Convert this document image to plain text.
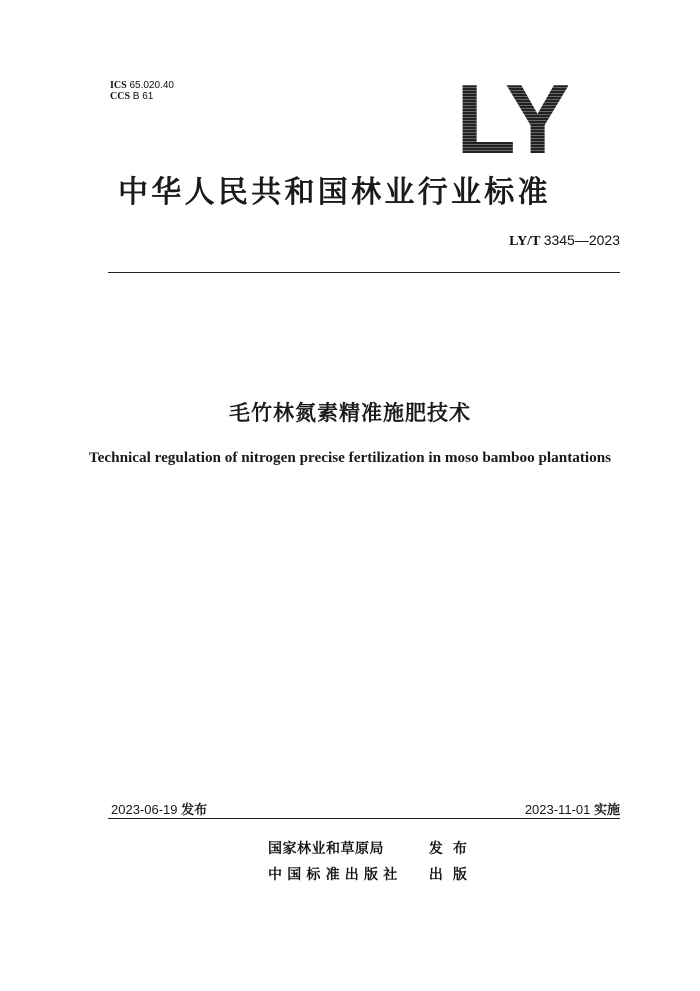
ICS 65.020.40
CCS B 61	LY
中华人民共和国林业行业标准
LY/T 3345—2023
毛竹林氮素精准施肥技术
Technical regulation of nitrogen precise fertilization in moso bamboo plantations
2023-06-19 发布	2023-11-01 实施
国家林业和草原局	发布
中国标准出版社 出版
